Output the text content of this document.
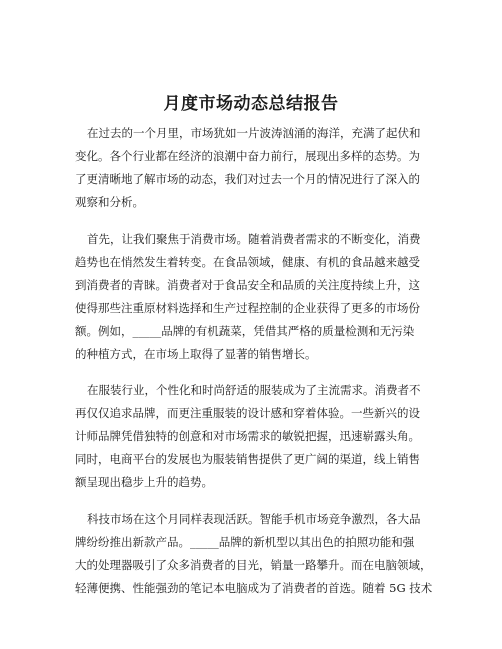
月度市场动态总结报告
在过去的一个月里，市场犹如一片波涛汹涌的海洋，充满了起伏和
变化。各个行业都在经济的浪潮中奋力前行，展现出多样的态势。为
了更清晰地了解市场的动态，我们对过去一个月的情况进行了深入的
观察和分析。
首先，让我们聚焦于消费市场。随着消费者需求的不断变化，消费
趋势也在悄然发生着转变。在食品领域，健康、有机的食品越来越受
到消费者的青睐。消费者对于食品安全和品质的关注度持续上升，这
使得那些注重原材料选择和生产过程控制的企业获得了更多的市场份
额。例如，_____品牌的有机蔬菜，凭借其严格的质量检测和无污染
的种植方式，在市场上取得了显著的销售增长。
在服装行业，个性化和时尚舒适的服装成为了主流需求。消费者不
再仅仅追求品牌，而更注重服装的设计感和穿着体验。一些新兴的设
计师品牌凭借独特的创意和对市场需求的敏锐把握，迅速崭露头角。
同时，电商平台的发展也为服装销售提供了更广阔的渠道，线上销售
额呈现出稳步上升的趋势。
科技市场在这个月同样表现活跃。智能手机市场竞争激烈，各大品
牌纷纷推出新款产品。_____品牌的新机型以其出色的拍照功能和强
大的处理器吸引了众多消费者的目光，销量一路攀升。而在电脑领域，
轻薄便携、性能强劲的笔记本电脑成为了消费者的首选。随着 5G 技术
